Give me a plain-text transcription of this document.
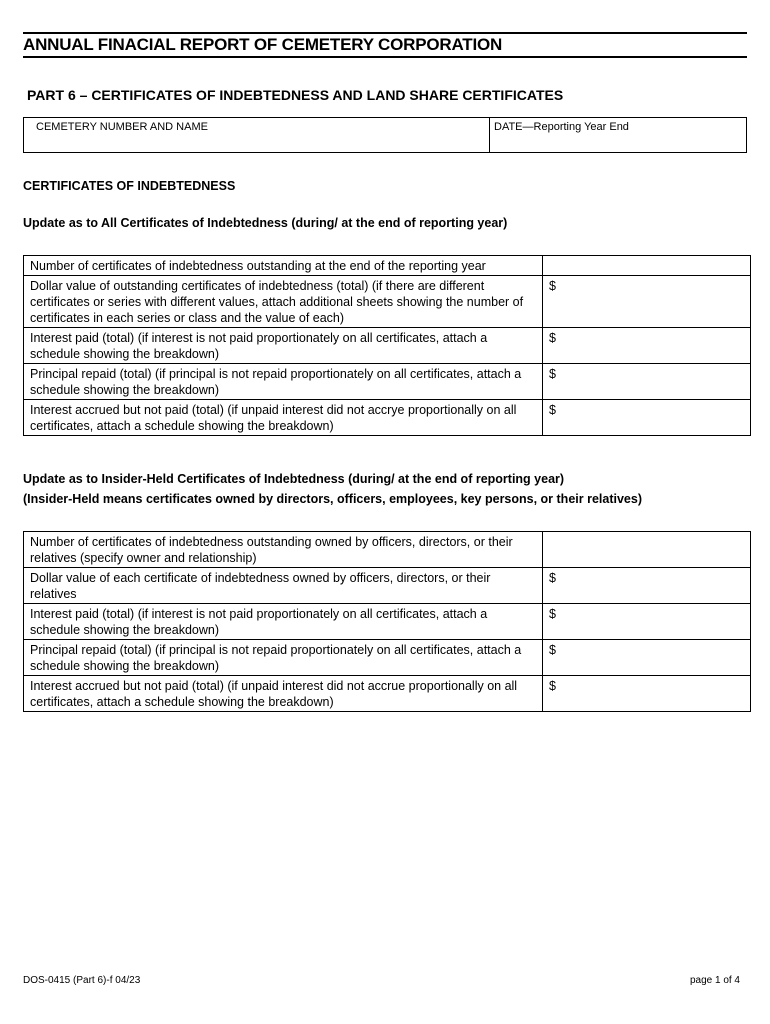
ANNUAL FINACIAL REPORT OF CEMETERY CORPORATION
PART 6 – CERTIFICATES OF INDEBTEDNESS AND LAND SHARE CERTIFICATES
CEMETERY NUMBER AND NAME	DATE—Reporting Year End
CERTIFICATES OF INDEBTEDNESS
Update as to All Certificates of Indebtedness (during/ at the end of reporting year)
Number of certificates of indebtedness outstanding at the end of the reporting year	
Dollar value of outstanding certificates of indebtedness (total) (if there are different certificates or series with different values, attach additional sheets showing the number of certificates in each series or class and the value of each)	$
Interest paid (total) (if interest is not paid proportionately on all certificates, attach a schedule showing the breakdown)	$
Principal repaid (total) (if principal is not repaid proportionately on all certificates, attach a schedule showing the breakdown)	$
Interest accrued but not paid (total) (if unpaid interest did not accrye proportionally on all certificates, attach a schedule showing the breakdown)	$
Update as to Insider-Held Certificates of Indebtedness (during/ at the end of reporting year)
(Insider-Held means certificates owned by directors, officers, employees, key persons, or their relatives)
Number of certificates of indebtedness outstanding owned by officers, directors, or their relatives (specify owner and relationship)	
Dollar value of each certificate of indebtedness owned by officers, directors, or their relatives	$
Interest paid (total) (if interest is not paid proportionately on all certificates, attach a schedule showing the breakdown)	$
Principal repaid (total) (if principal is not repaid proportionately on all certificates, attach a schedule showing the breakdown)	$
Interest accrued but not paid (total) (if unpaid interest did not accrue proportionally on all certificates, attach a schedule showing the breakdown)	$
DOS-0415 (Part 6)-f 04/23	page 1 of 4
